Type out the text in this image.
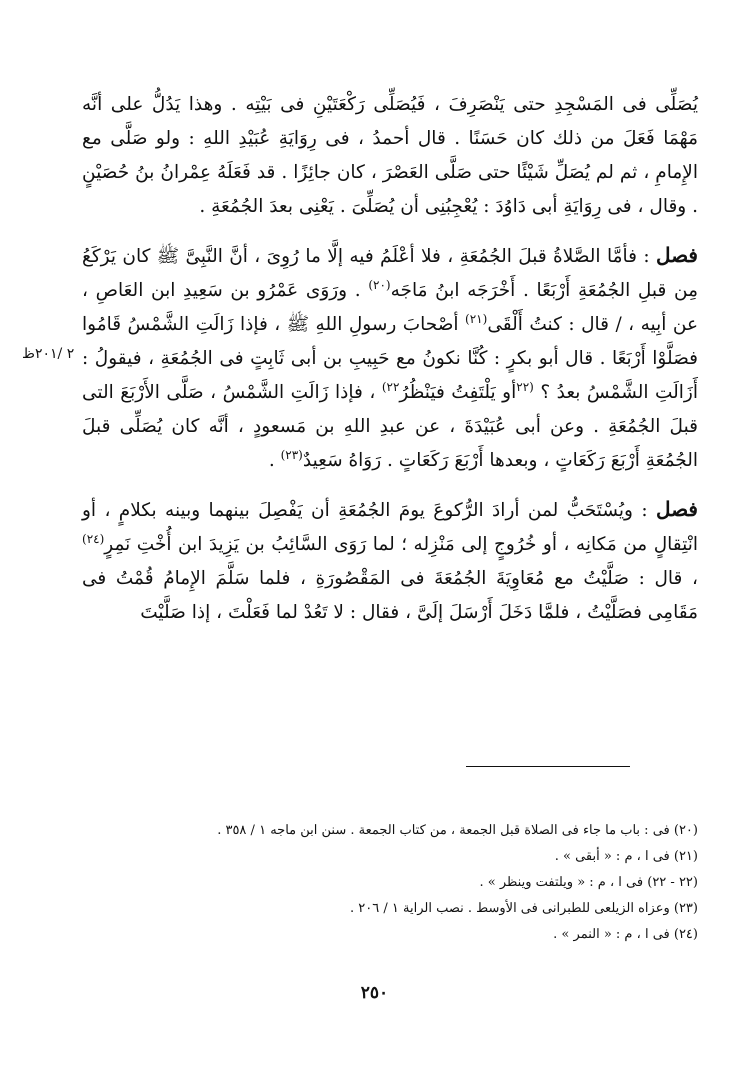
٢ /٢٠١ظ

يُصَلِّى فى المَسْجِدِ حتى يَنْصَرِفَ ، فَيُصَلِّى رَكْعَتَيْنِ فى بَيْتِه . وهذا يَدُلُّ على أنَّه مَهْمَا فَعَلَ من ذلك كان حَسَنًا . قال أحمدُ ، فى رِوَايَةِ عُبَيْدِ اللهِ : ولو صَلَّى مع الإِمامِ ، ثم لم يُصَلِّ شَيْئًا حتى صَلَّى العَصْرَ ، كان جائِزًا . قد فَعَلَهُ عِمْرانُ بنُ حُصَيْنٍ . وقال ، فى رِوَايَةِ أبى دَاوُدَ : يُعْجِبُنِى أن يُصَلِّىَ . يَعْنِى بعدَ الجُمُعَةِ .

فصل : فأمَّا الصَّلاةُ قبلَ الجُمُعَةِ ، فلا أعْلَمُ فيه إلَّا ما رُوِىَ ، أنَّ النَّبِىَّ ﷺ كان يَرْكَعُ مِن قبلِ الجُمُعَةِ أَرْبَعًا . أَخْرَجَه ابنُ مَاجَه$^{(٢٠)}$ . ورَوَى عَمْرُو بن سَعِيدِ ابن العَاصِ ، عن أبِيه ، / قال : كنتُ أَلْقَى$^{(٢١)}$ أصْحابَ رسولِ اللهِ ﷺ ، فإذا زَالَتِ الشَّمْسُ قَامُوا فصَلَّوْا أَرْبَعًا . قال أبو بكرٍ : كُنَّا نكونُ مع حَبِيبِ بن أبى ثَابِتٍ فى الجُمُعَةِ ، فيقولُ : أَزَالَتِ الشَّمْسُ بعدُ ؟ $^{(٢٢}$أو يَلْتَفِتُ فيَنْظُرُ$^{٢٢)}$ ، فإذا زَالَتِ الشَّمْسُ ، صَلَّى الأَرْبَعَ التى قبلَ الجُمُعَةِ . وعن أبى عُبَيْدَةَ ، عن عبدِ اللهِ بن مَسعودٍ ، أنَّه كان يُصَلِّى قبلَ الجُمُعَةِ أَرْبَعَ رَكَعَاتٍ ، وبعدها أَرْبَعَ رَكَعَاتٍ . رَوَاهُ سَعِيدٌ$^{(٢٣)}$ .

فصل : ويُسْتَحَبُّ لمن أرادَ الرُّكوعَ يومَ الجُمُعَةِ أن يَفْصِلَ بينهما وبينه بكلامٍ ، أو انْتِقالٍ من مَكانِه ، أو خُرُوجٍ إلى مَنْزِله ؛ لما رَوَى السَّائِبُ بن يَزِيدَ ابن أُخْتِ نَمِرٍ$^{(٢٤)}$ ، قال : صَلَّيْتُ مع مُعَاوِيَةَ الجُمُعَةَ فى المَقْصُورَةِ ، فلما سَلَّمَ الإِمامُ قُمْتُ فى مَقَامِى فصَلَّيْتُ ، فلمَّا دَخَلَ أَرْسَلَ إلَىَّ ، فقال : لا تَعُدْ لما فَعَلْتَ ، إذا صَلَّيْتَ

(٢٠) فى : باب ما جاء فى الصلاة قبل الجمعة ، من كتاب الجمعة . سنن ابن ماجه ١ / ٣٥٨ .

(٢١) فى ا ، م : « أبقى » .

(٢٢ - ٢٢) فى ا ، م : « ويلتفت وينظر » .

(٢٣) وعزاه الزيلعى للطبرانى فى الأوسط . نصب الراية ١ / ٢٠٦ .

(٢٤) فى ا ، م : « النمر » .

٢٥٠
